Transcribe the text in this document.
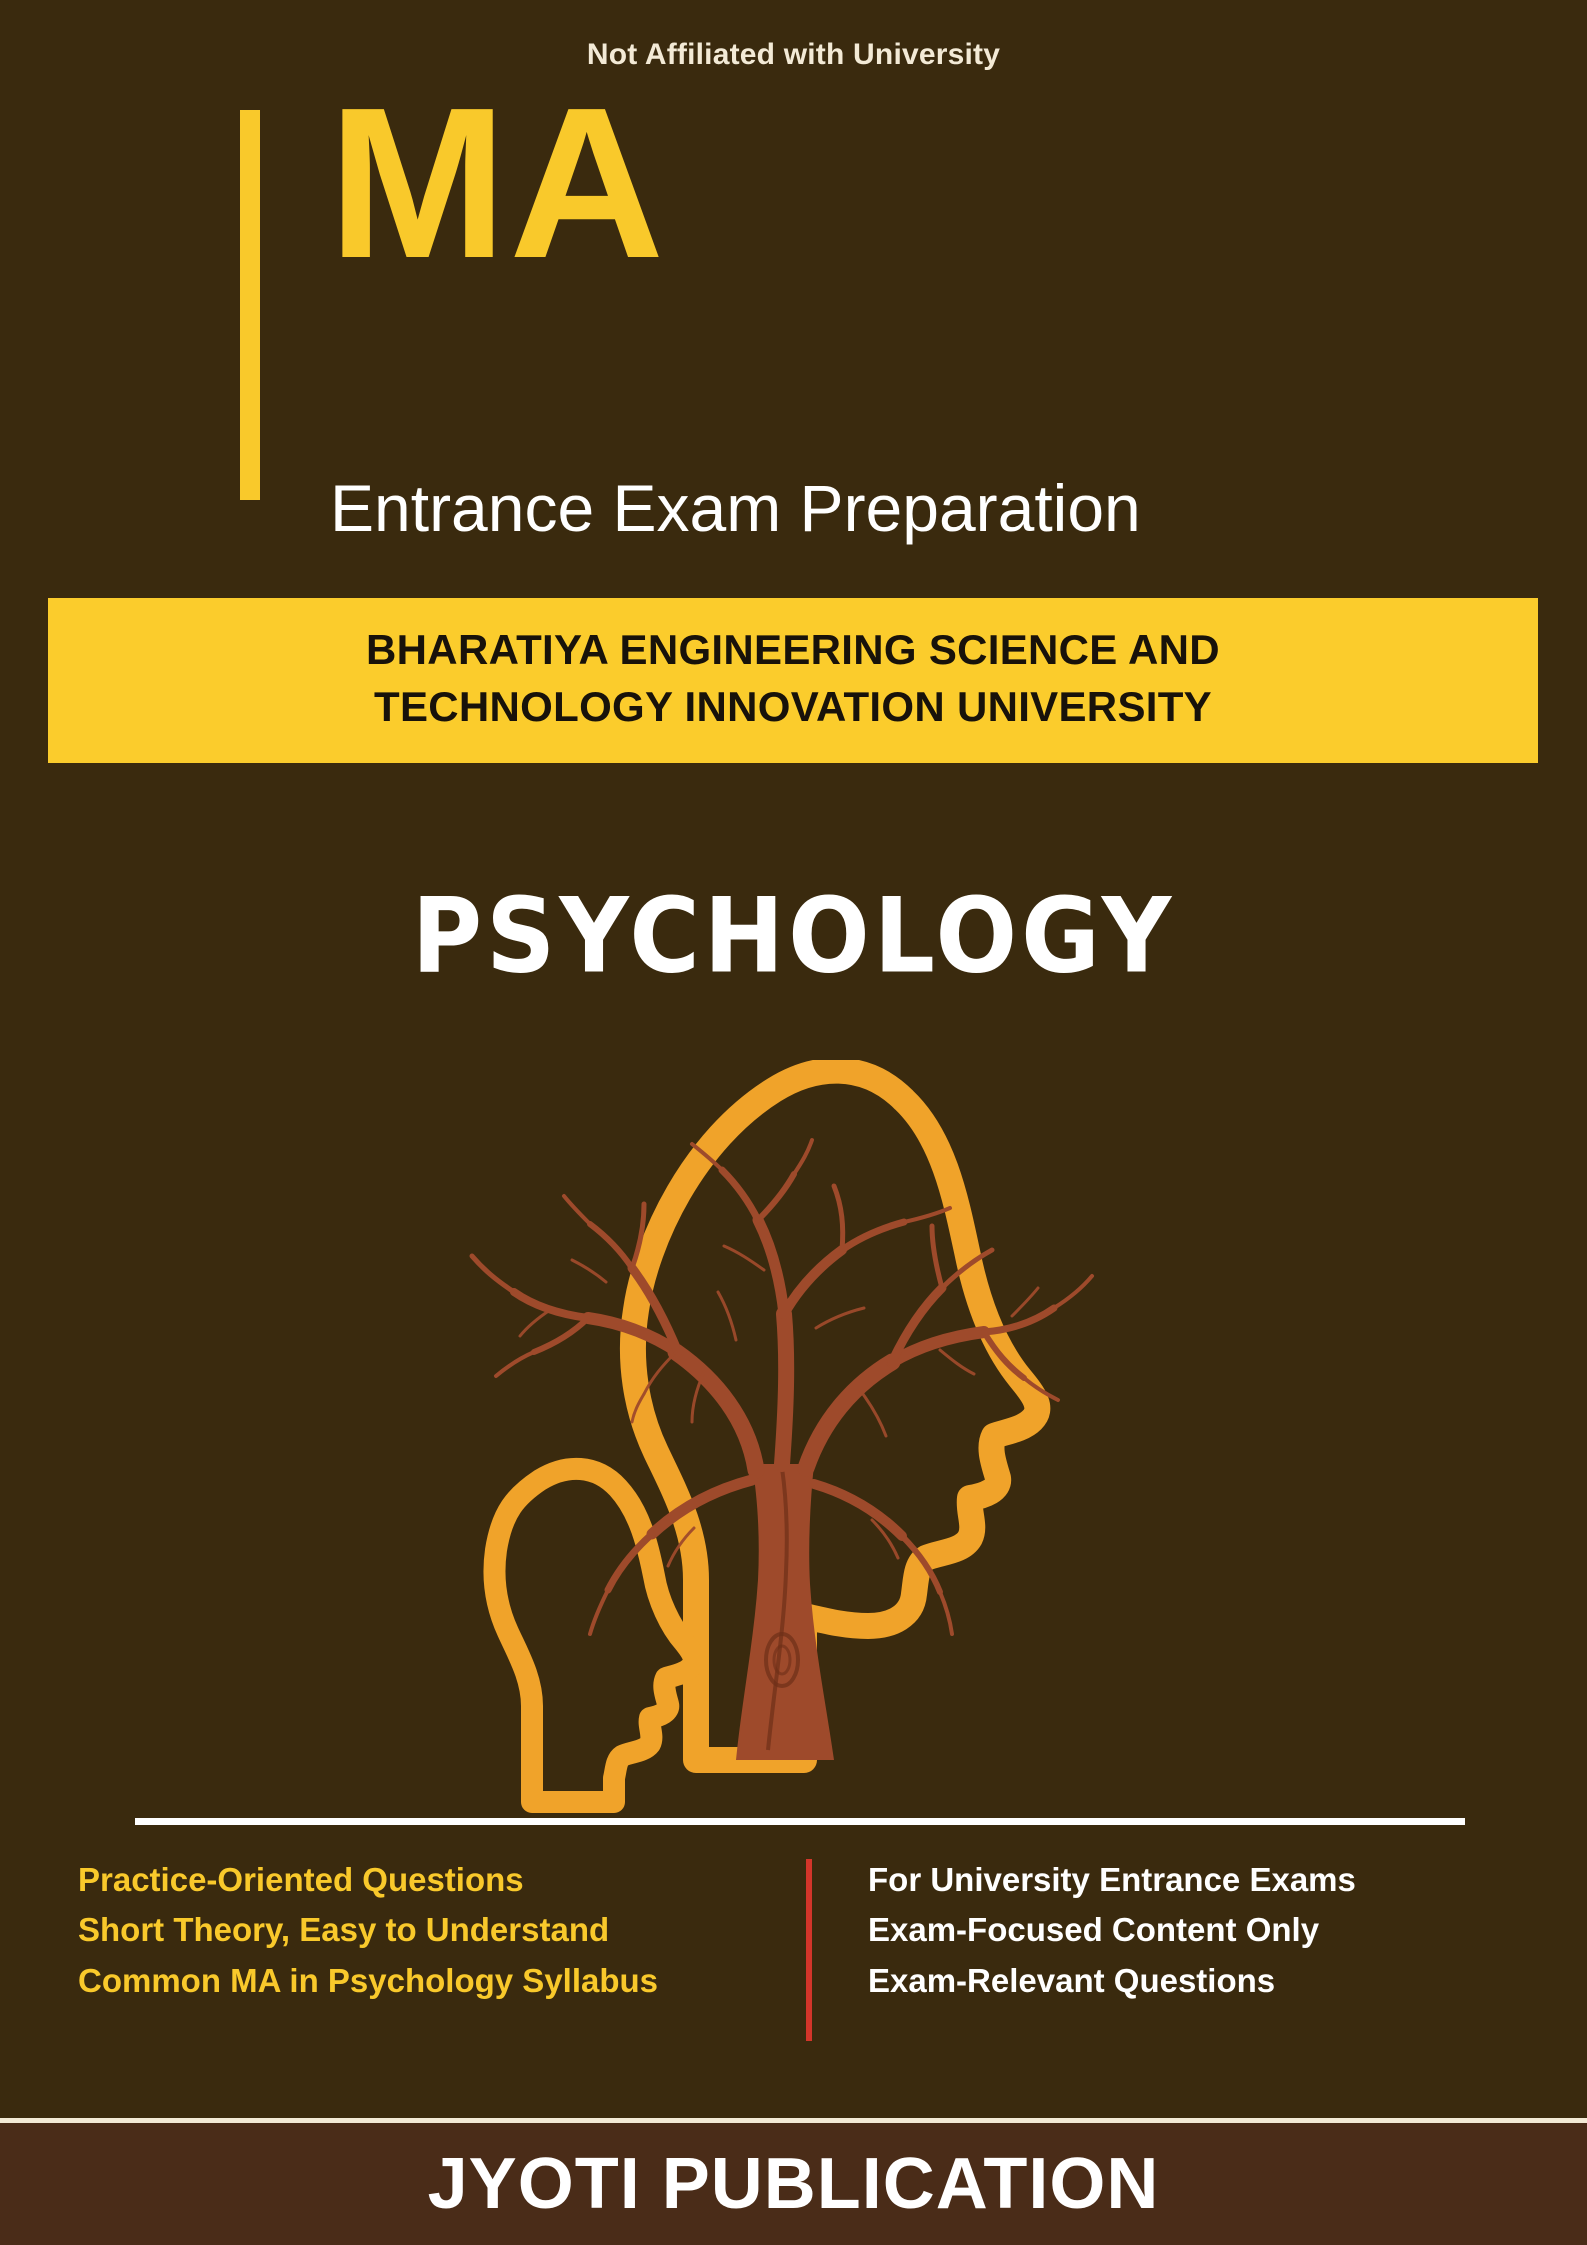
Not Affiliated with University
MA
Entrance Exam Preparation
BHARATIYA ENGINEERING SCIENCE AND
TECHNOLOGY INNOVATION UNIVERSITY
PSYCHOLOGY
Practice-Oriented Questions
Short Theory, Easy to Understand
Common MA in Psychology Syllabus
For University Entrance Exams
Exam-Focused Content Only
Exam-Relevant Questions
JYOTI PUBLICATION
